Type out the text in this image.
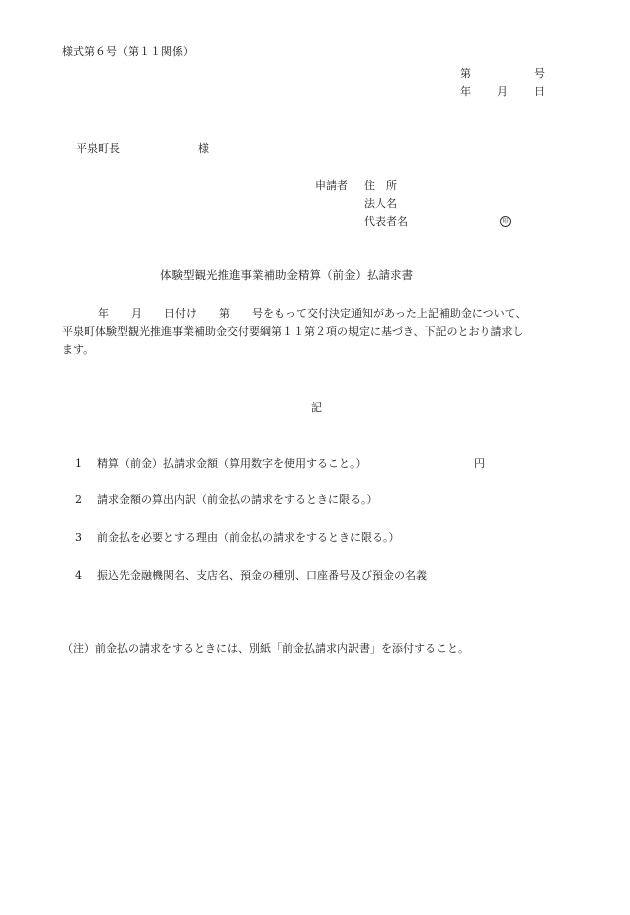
様式第６号（第１１関係）
第	号
年 月 日
平泉町長	様
申請者 住　所
法人名
代表者名	印
体験型観光推進事業補助金精算（前金）払請求書
年 月 日付け 第 号をもって交付決定通知があった上記補助金について、
平泉町体験型観光推進事業補助金交付要綱第１１第２項の規定に基づき、下記のとおり請求し
ます。
記
1 精算（前金）払請求金額（算用数字を使用すること。）	円
2 請求金額の算出内訳（前金払の請求をするときに限る。）
3 前金払を必要とする理由（前金払の請求をするときに限る。）
4 振込先金融機関名、支店名、預金の種別、口座番号及び預金の名義
（注）前金払の請求をするときには、別紙「前金払請求内訳書」を添付すること。
